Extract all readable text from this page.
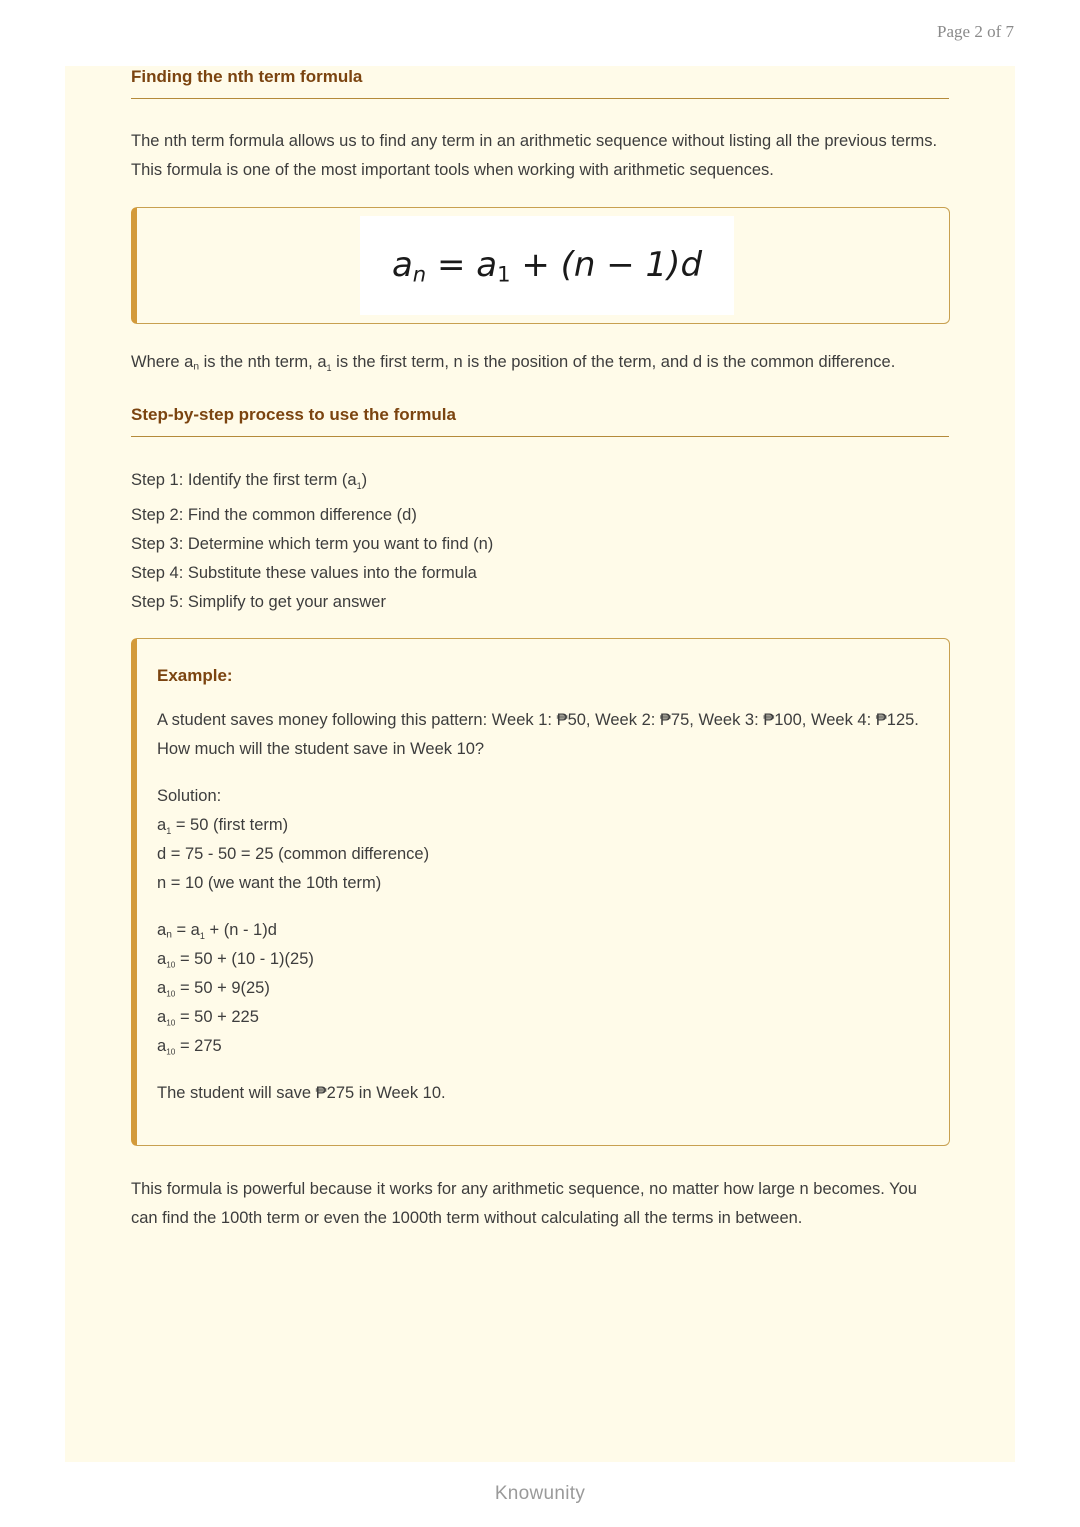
Page 2 of 7
Finding the nth term formula
The nth term formula allows us to find any term in an arithmetic sequence without listing all the previous terms. This formula is one of the most important tools when working with arithmetic sequences.
$a_n = a_1 + (n - 1)d$
Where $a_n$ is the nth term, $a_1$ is the first term, n is the position of the term, and d is the common difference.
Step-by-step process to use the formula
Step 1: Identify the first term $(a_1)$
Step 2: Find the common difference (d)
Step 3: Determine which term you want to find (n)
Step 4: Substitute these values into the formula
Step 5: Simplify to get your answer
Example:
A student saves money following this pattern: Week 1: ₱50, Week 2: ₱75, Week 3: ₱100, Week 4: ₱125.
How much will the student save in Week 10?
Solution:
$a_1 = 50$ (first term)
d = 75 - 50 = 25 (common difference)
n = 10 (we want the 10th term)
$a_n = a_1 + (n - 1)d$
$a_{10} = 50 + (10 - 1)(25)$
$a_{10} = 50 + 9(25)$
$a_{10} = 50 + 225$
$a_{10} = 275$
The student will save ₱275 in Week 10.
This formula is powerful because it works for any arithmetic sequence, no matter how large n becomes. You can find the 100th term or even the 1000th term without calculating all the terms in between.
Knowunity
